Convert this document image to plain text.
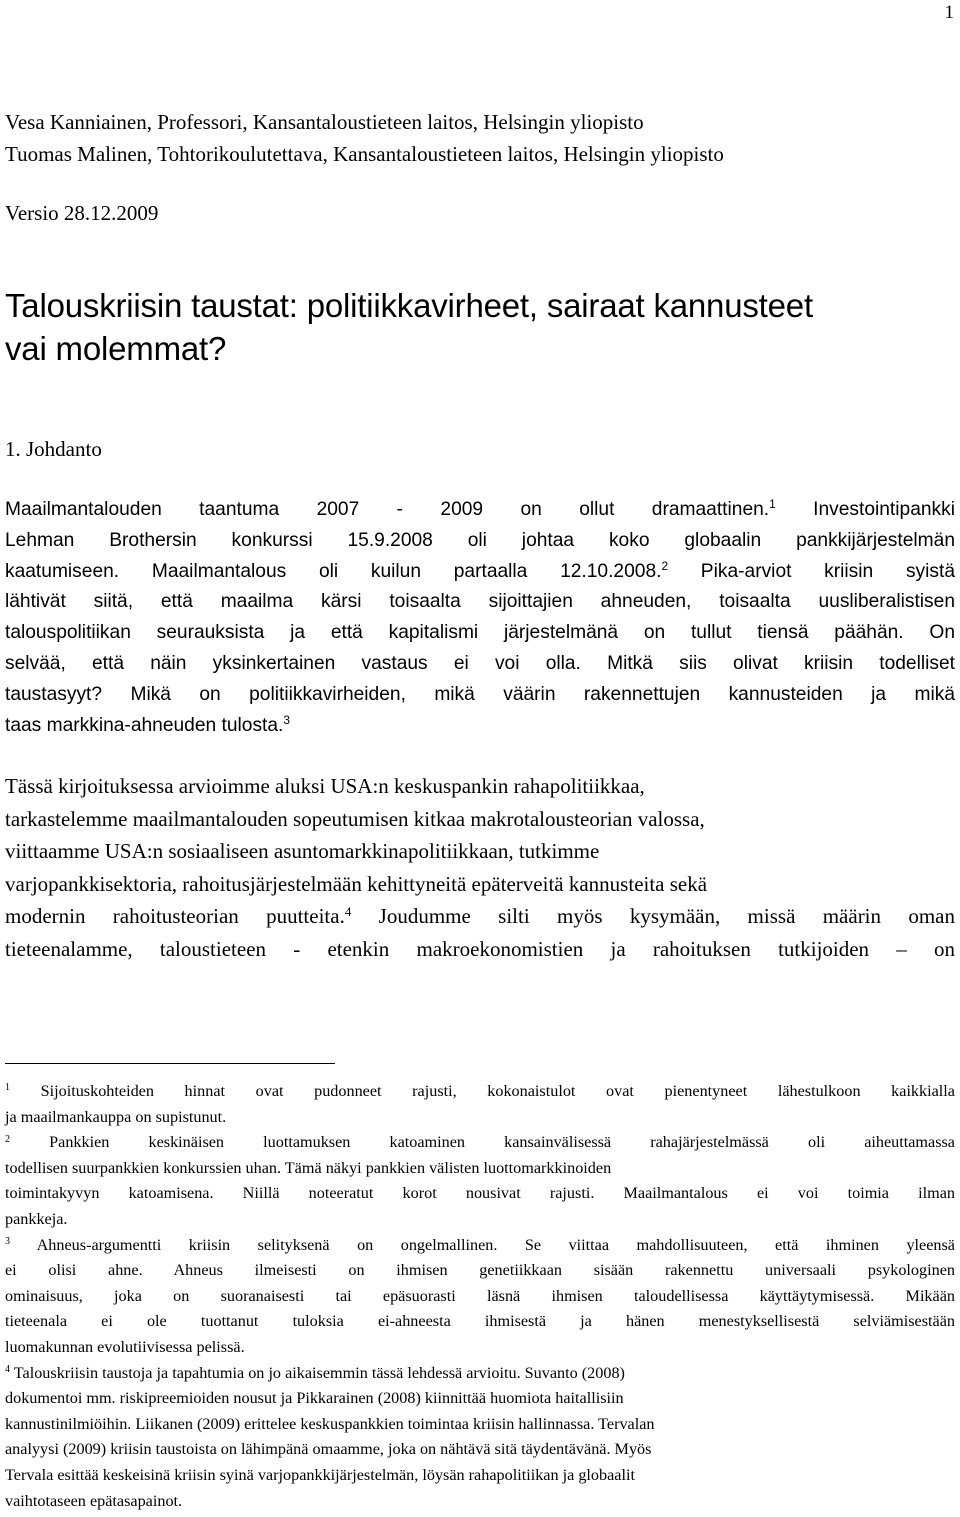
1
Vesa Kanniainen, Professori, Kansantaloustieteen laitos, Helsingin yliopisto
Tuomas Malinen, Tohtorikoulutettava, Kansantaloustieteen laitos, Helsingin yliopisto
Versio 28.12.2009
Talouskriisin taustat: politiikkavirheet, sairaat kannusteet
vai molemmat?
1. Johdanto
Maailmantalouden taantuma 2007 - 2009 on ollut dramaattinen.$^1$ Investointipankki
Lehman Brothersin konkurssi 15.9.2008 oli johtaa koko globaalin pankkijärjestelmän
kaatumiseen. Maailmantalous oli kuilun partaalla 12.10.2008.$^2$ Pika-arviot kriisin syistä
lähtivät siitä, että maailma kärsi toisaalta sijoittajien ahneuden, toisaalta uusliberalistisen
talouspolitiikan seurauksista ja että kapitalismi järjestelmänä on tullut tiensä päähän. On
selvää, että näin yksinkertainen vastaus ei voi olla. Mitkä siis olivat kriisin todelliset
taustasyyt? Mikä on politiikkavirheiden, mikä väärin rakennettujen kannusteiden ja mikä
taas markkina-ahneuden tulosta.$^3$
Tässä kirjoituksessa arvioimme aluksi USA:n keskuspankin rahapolitiikkaa,
tarkastelemme maailmantalouden sopeutumisen kitkaa makrotalousteorian valossa,
viittaamme USA:n sosiaaliseen asuntomarkkinapolitiikkaan, tutkimme
varjopankkisektoria, rahoitusjärjestelmään kehittyneitä epäterveitä kannusteita sekä
modernin rahoitusteorian puutteita.$^4$ Joudumme silti myös kysymään, missä määrin oman
tieteenalamme, taloustieteen - etenkin makroekonomistien ja rahoituksen tutkijoiden – on
$^1$ Sijoituskohteiden hinnat ovat pudonneet rajusti, kokonaistulot ovat pienentyneet lähestulkoon kaikkialla
ja maailmankauppa on supistunut.
$^2$ Pankkien keskinäisen luottamuksen katoaminen kansainvälisessä rahajärjestelmässä oli aiheuttamassa
todellisen suurpankkien konkurssien uhan. Tämä näkyi pankkien välisten luottomarkkinoiden
toimintakyvyn katoamisena. Niillä noteeratut korot nousivat rajusti. Maailmantalous ei voi toimia ilman
pankkeja.
$^3$ Ahneus-argumentti kriisin selityksenä on ongelmallinen. Se viittaa mahdollisuuteen, että ihminen yleensä
ei olisi ahne. Ahneus ilmeisesti on ihmisen genetiikkaan sisään rakennettu universaali psykologinen
ominaisuus, joka on suoranaisesti tai epäsuorasti läsnä ihmisen taloudellisessa käyttäytymisessä. Mikään
tieteenala ei ole tuottanut tuloksia ei-ahneesta ihmisestä ja hänen menestyksellisestä selviämisestään
luomakunnan evolutiivisessa pelissä.
$^4$ Talouskriisin taustoja ja tapahtumia on jo aikaisemmin tässä lehdessä arvioitu. Suvanto (2008)
dokumentoi mm. riskipreemioiden nousut ja Pikkarainen (2008) kiinnittää huomiota haitallisiin
kannustinilmiöihin. Liikanen (2009) erittelee keskuspankkien toimintaa kriisin hallinnassa. Tervalan
analyysi (2009) kriisin taustoista on lähimpänä omaamme, joka on nähtävä sitä täydentävänä. Myös
Tervala esittää keskeisinä kriisin syinä varjopankkijärjestelmän, löysän rahapolitiikan ja globaalit
vaihtotaseen epätasapainot.
